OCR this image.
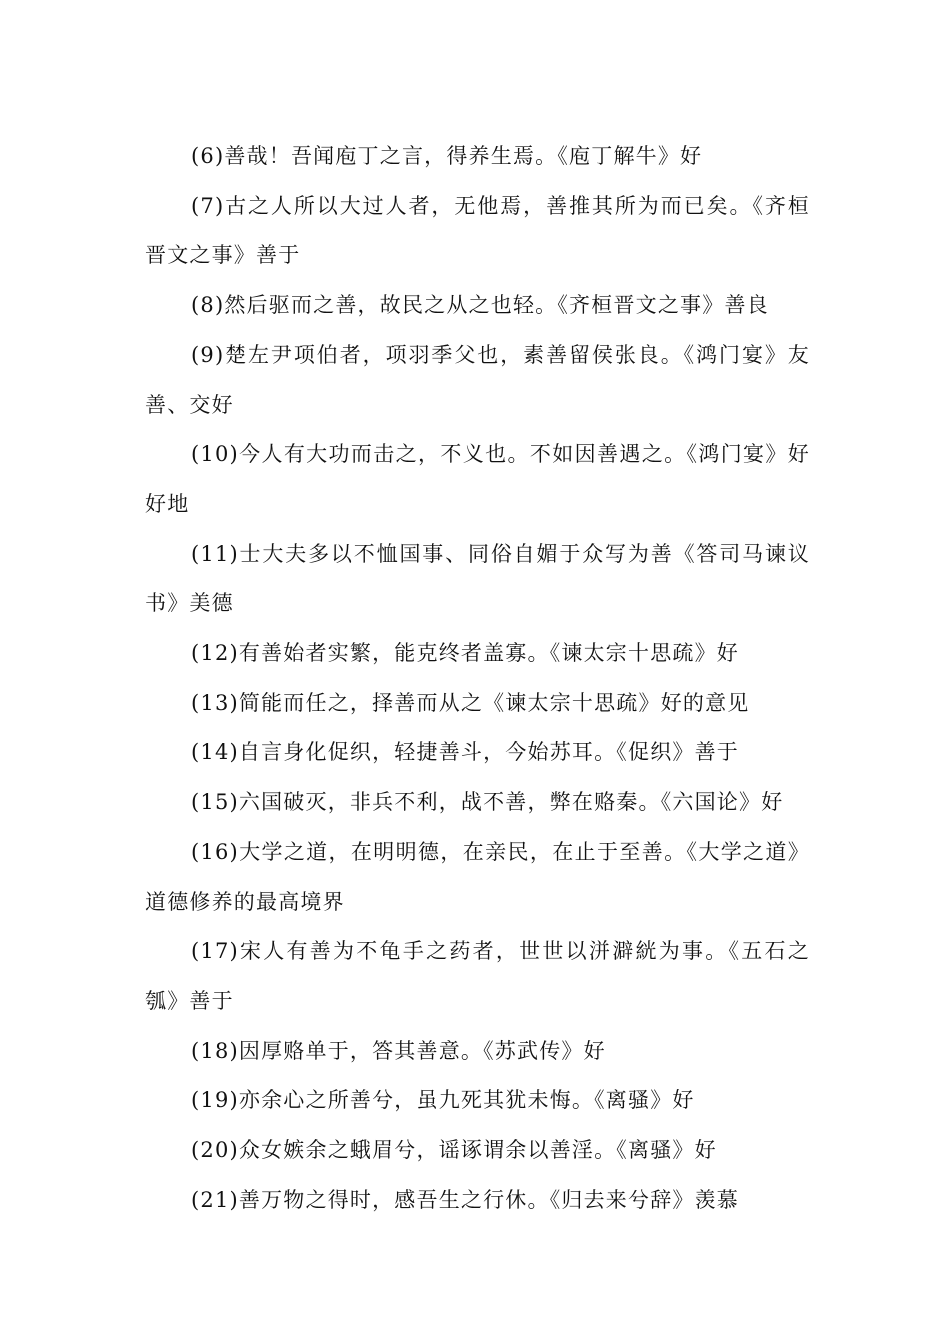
(6)善哉！吾闻庖丁之言，得养生焉。《庖丁解牛》好

(7)古之人所以大过人者，无他焉，善推其所为而已矣。《齐桓晋文之事》善于

(8)然后驱而之善，故民之从之也轻。《齐桓晋文之事》善良

(9)楚左尹项伯者，项羽季父也，素善留侯张良。《鸿门宴》友善、交好

(10)今人有大功而击之，不义也。不如因善遇之。《鸿门宴》好好地

(11)士大夫多以不恤国事、同俗自媚于众写为善《答司马谏议书》美德

(12)有善始者实繁，能克终者盖寡。《谏太宗十思疏》好

(13)简能而任之，择善而从之《谏太宗十思疏》好的意见

(14)自言身化促织，轻捷善斗，今始苏耳。《促织》善于

(15)六国破灭，非兵不利，战不善，弊在赂秦。《六国论》好

(16)大学之道，在明明德，在亲民，在止于至善。《大学之道》道德修养的最高境界

(17)宋人有善为不龟手之药者，世世以洴澼絖为事。《五石之瓠》善于

(18)因厚赂单于，答其善意。《苏武传》好

(19)亦余心之所善兮，虽九死其犹未悔。《离骚》好

(20)众女嫉余之蛾眉兮，谣诼谓余以善淫。《离骚》好

(21)善万物之得时，感吾生之行休。《归去来兮辞》羡慕
